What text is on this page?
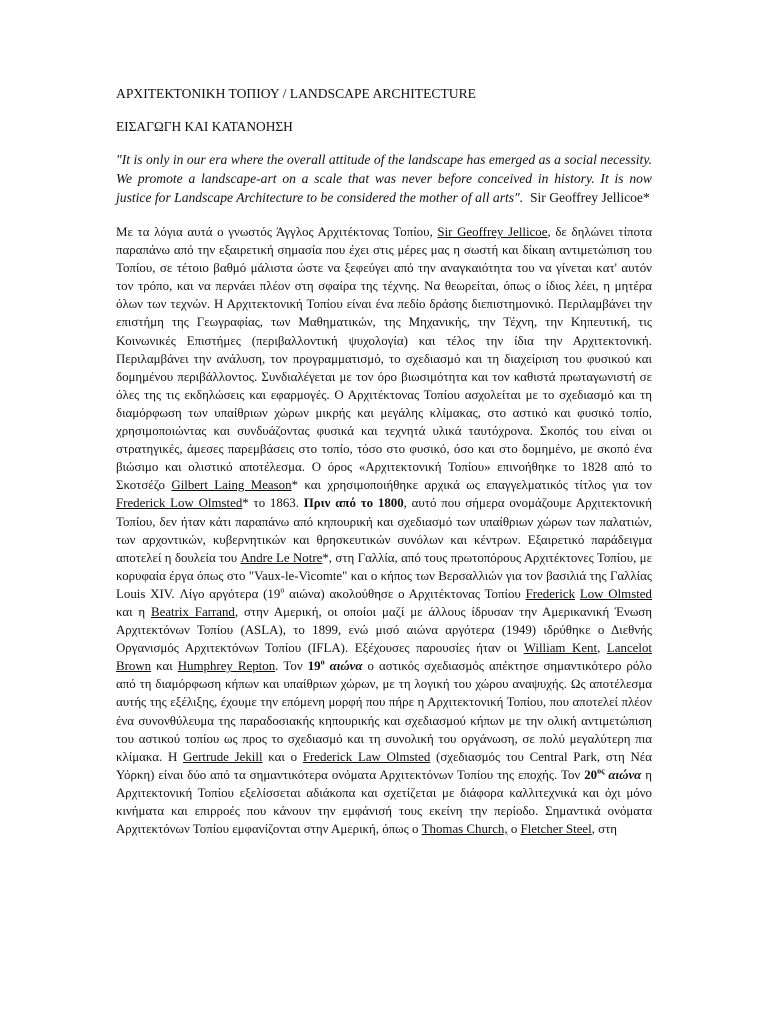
ΑΡΧΙΤΕΚΤΟΝΙΚΗ ΤΟΠΙΟΥ / LANDSCAPE ARCHITECTURE
ΕΙΣΑΓΩΓΗ ΚΑΙ ΚΑΤΑΝΟΗΣΗ

"It is only in our era where the overall attitude of the landscape has emerged as a social necessity. We promote a landscape-art on a scale that was never before conceived in history. It is now justice for Landscape Architecture to be considered the mother of all arts". Sir Geoffrey Jellicoe*

Με τα λόγια αυτά ο γνωστός Άγγλος Αρχιτέκτονας Τοπίου, Sir Geoffrey Jellicoe, δε δηλώνει τίποτα παραπάνω από την εξαιρετική σημασία που έχει στις μέρες μας η σωστή και δίκαιη αντιμετώπιση του Τοπίου, σε τέτοιο βαθμό μάλιστα ώστε να ξεφεύγει από την αναγκαιότητα του να γίνεται κατ' αυτόν τον τρόπο, και να περνάει πλέον στη σφαίρα της τέχνης. Να θεωρείται, όπως ο ίδιος λέει, η μητέρα όλων των τεχνών. Η Αρχιτεκτονική Τοπίου είναι ένα πεδίο δράσης διεπιστημονικό. Περιλαμβάνει την επιστήμη της Γεωγραφίας, των Μαθηματικών, της Μηχανικής, την Τέχνη, την Κηπευτική, τις Κοινωνικές Επιστήμες (περιβαλλοντική ψυχολογία) και τέλος την ίδια την Αρχιτεκτονική. Περιλαμβάνει την ανάλυση, τον προγραμματισμό, το σχεδιασμό και τη διαχείριση του φυσικού και δομημένου περιβάλλοντος. Συνδιαλέγεται με τον όρο βιωσιμότητα και τον καθιστά πρωταγωνιστή σε όλες της τις εκδηλώσεις και εφαρμογές. Ο Αρχιτέκτονας Τοπίου ασχολείται με το σχεδιασμό και τη διαμόρφωση των υπαίθριων χώρων μικρής και μεγάλης κλίμακας, στο αστικό και φυσικό τοπίο, χρησιμοποιώντας και συνδυάζοντας φυσικά και τεχνητά υλικά ταυτόχρονα. Σκοπός του είναι οι στρατηγικές, άμεσες παρεμβάσεις στο τοπίο, τόσο στο φυσικό, όσο και στο δομημένο, με σκοπό ένα βιώσιμο και ολιστικό αποτέλεσμα. Ο όρος «Αρχιτεκτονική Τοπίου» επινοήθηκε το 1828 από το Σκοτσέζο Gilbert Laing Meason* και χρησιμοποιήθηκε αρχικά ως επαγγελματικός τίτλος για τον Frederick Low Olmsted* το 1863. Πριν από το 1800, αυτό που σήμερα ονομάζουμε Αρχιτεκτονική Τοπίου, δεν ήταν κάτι παραπάνω από κηπουρική και σχεδιασμό των υπαίθριων χώρων των παλατιών, των αρχοντικών, κυβερνητικών και θρησκευτικών συνόλων και κέντρων. Εξαιρετικό παράδειγμα αποτελεί η δουλεία του Andre Le Notre*, στη Γαλλία, από τους πρωτοπόρους Αρχιτέκτονες Τοπίου, με κορυφαία έργα όπως στο "Vaux-le-Vicomte" και ο κήπος των Βερσαλλιών για τον βασιλιά της Γαλλίας Louis XIV. Λίγο αργότερα ($19^o$ αιώνα) ακολούθησε ο Αρχιτέκτονας Τοπίου Frederick Low Olmsted και η Beatrix Farrand, στην Αμερική, οι οποίοι μαζί με άλλους ίδρυσαν την Αμερικανική Ένωση Αρχιτεκτόνων Τοπίου (ASLA), το 1899, ενώ μισό αιώνα αργότερα (1949) ιδρύθηκε ο Διεθνής Οργανισμός Αρχιτεκτόνων Τοπίου (IFLA). Εξέχουσες παρουσίες ήταν οι William Kent, Lancelot Brown και Humphrey Repton. Τον $19^o$ αιώνα ο αστικός σχεδιασμός απέκτησε σημαντικότερο ρόλο από τη διαμόρφωση κήπων και υπαίθριων χώρων, με τη λογική του χώρου αναψυχής. Ως αποτέλεσμα αυτής της εξέλιξης, έχουμε την επόμενη μορφή που πήρε η Αρχιτεκτονική Τοπίου, που αποτελεί πλέον ένα συνονθύλευμα της παραδοσιακής κηπουρικής και σχεδιασμού κήπων με την ολική αντιμετώπιση του αστικού τοπίου ως προς το σχεδιασμό και τη συνολική του οργάνωση, σε πολύ μεγαλύτερη πια κλίμακα. Η Gertrude Jekill και ο Frederick Law Olmsted (σχεδιασμός του Central Park, στη Νέα Υόρκη) είναι δύο από τα σημαντικότερα ονόματα Αρχιτεκτόνων Τοπίου της εποχής. Τον $20^{o\varsigma}$ αιώνα η Αρχιτεκτονική Τοπίου εξελίσσεται αδιάκοπα και σχετίζεται με διάφορα καλλιτεχνικά και όχι μόνο κινήματα και επιρροές που κάνουν την εμφάνισή τους εκείνη την περίοδο. Σημαντικά ονόματα Αρχιτεκτόνων Τοπίου εμφανίζονται στην Αμερική, όπως ο Thomas Church, ο Fletcher Steel, στη
